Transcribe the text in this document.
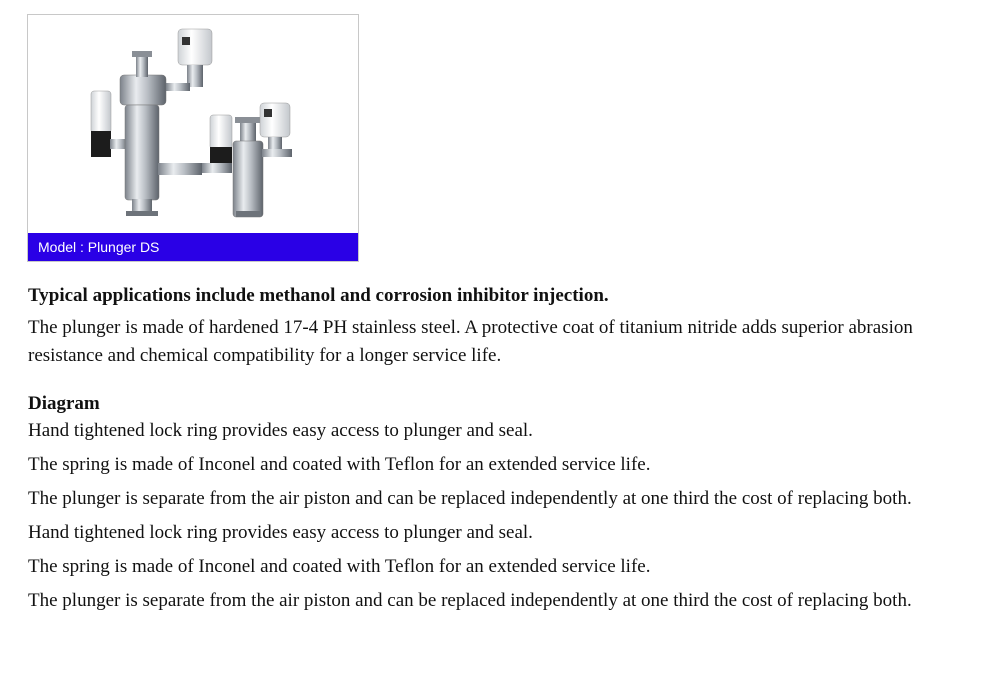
Model : Plunger DS

Typical applications include methanol and corrosion inhibitor injection.

The plunger is made of hardened 17-4 PH stainless steel. A protective coat of titanium nitride adds superior abrasion resistance and chemical compatibility for a longer service life.

Diagram

Hand tightened lock ring provides easy access to plunger and seal.

The spring is made of Inconel and coated with Teflon for an extended service life.

The plunger is separate from the air piston and can be replaced independently at one third the cost of replacing both.

Hand tightened lock ring provides easy access to plunger and seal.

The spring is made of Inconel and coated with Teflon for an extended service life.

The plunger is separate from the air piston and can be replaced independently at one third the cost of replacing both.
